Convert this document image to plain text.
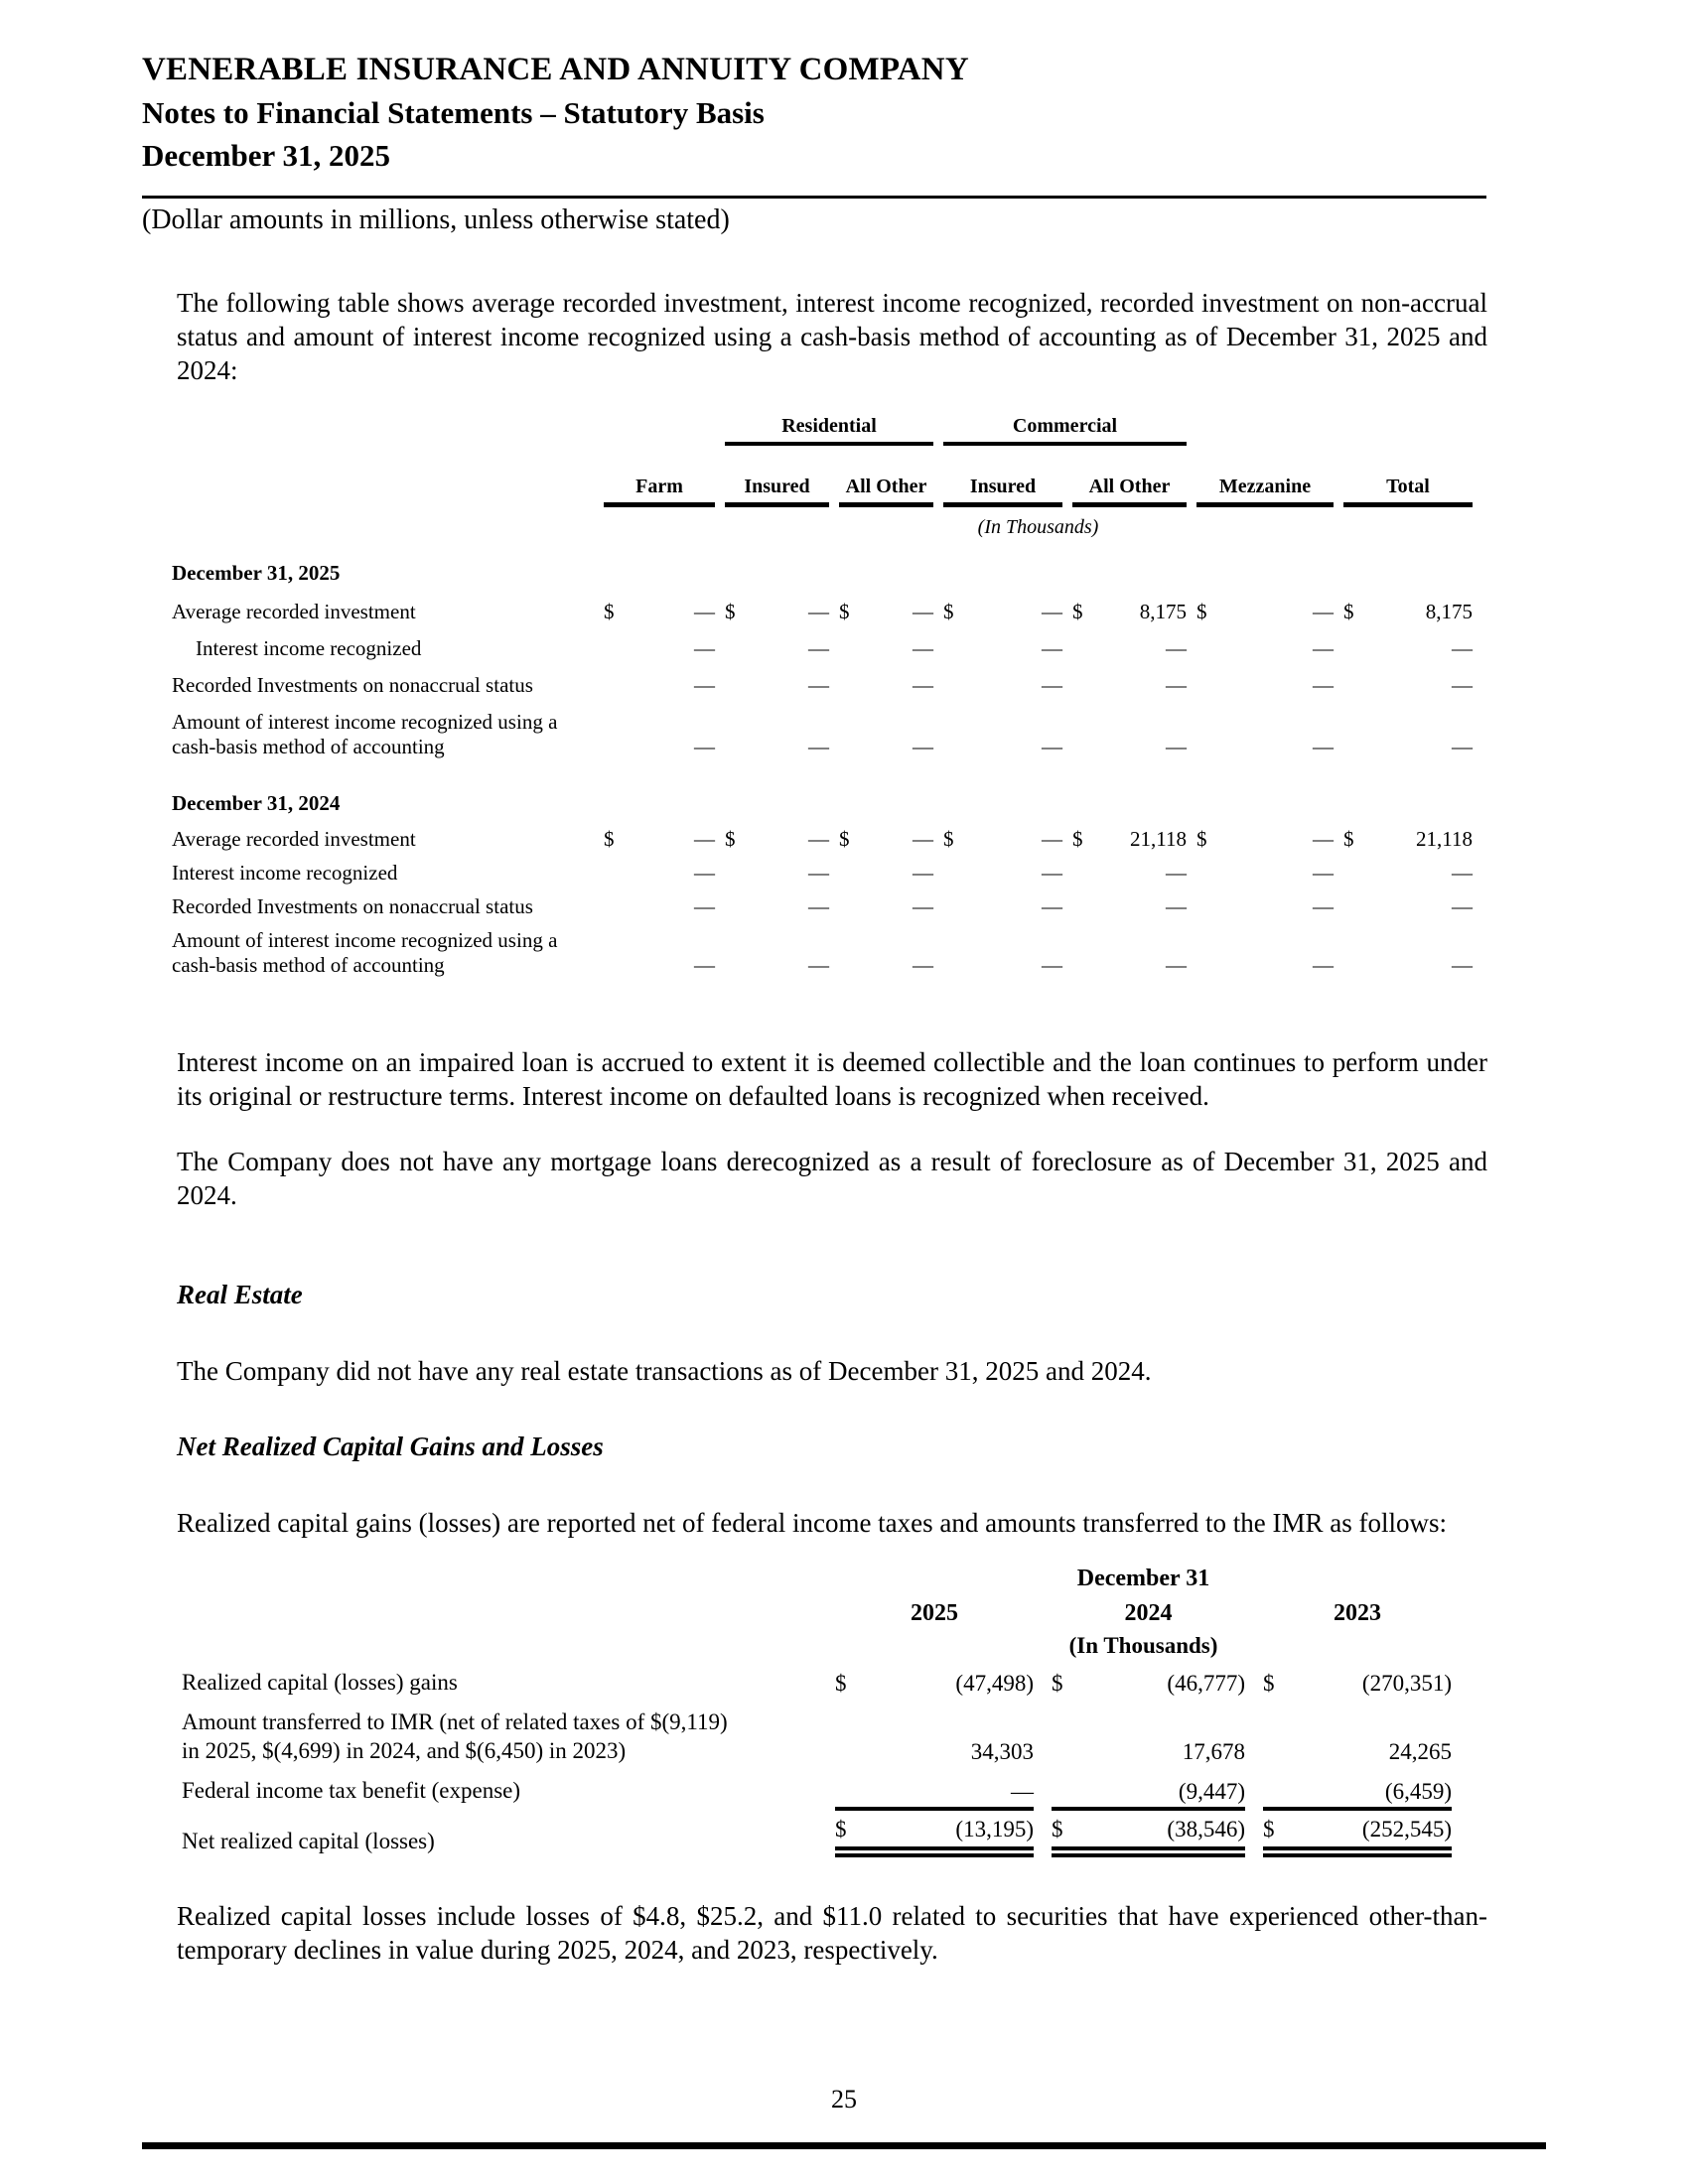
VENERABLE INSURANCE AND ANNUITY COMPANY
Notes to Financial Statements – Statutory Basis
December 31, 2025
(Dollar amounts in millions, unless otherwise stated)

The following table shows average recorded investment, interest income recognized, recorded investment on non-accrual status and amount of interest income recognized using a cash-basis method of accounting as of December 31, 2025 and 2024:

		Residential		Commercial			
	Farm	Insured	All Other	Insured	All Other	Mezzanine	Total
	(In Thousands)						
December 31, 2025							
Average recorded investment	$ —	$ —	$ —	$ —	$ 8,175	$ —	$ 8,175

Interest income recognized	—	—	—	—	—	—	—
Recorded Investments on nonaccrual status	—	—	—	—	—	—	—
Amount of interest income recognized using a cash-basis method of accounting	—	—	—	—	—	—	—
December 31, 2024							
Average recorded investment	$ —	$ —	$ —	$ —	$ 21,118	$ —	$ 21,118

Interest income recognized	—	—	—	—	—	—	—
Recorded Investments on nonaccrual status	—	—	—	—	—	—	—
Amount of interest income recognized using a cash-basis method of accounting	—	—	—	—	—	—	—

Interest income on an impaired loan is accrued to extent it is deemed collectible and the loan continues to perform under its original or restructure terms. Interest income on defaulted loans is recognized when received.

The Company does not have any mortgage loans derecognized as a result of foreclosure as of December 31, 2025 and 2024.

Real Estate

The Company did not have any real estate transactions as of December 31, 2025 and 2024.

Net Realized Capital Gains and Losses

Realized capital gains (losses) are reported net of federal income taxes and amounts transferred to the IMR as follows:

	December 31		
	2025	2024	2023
	(In Thousands)		
Realized capital (losses) gains	$ (47,498)	$ (46,777)	$ (270,351)

Amount transferred to IMR (net of related taxes of $(9,119) in 2025, $(4,699) in 2024, and $(6,450) in 2023)	34,303	17,678	24,265
Federal income tax benefit (expense)	—	(9,447)	(6,459)
Net realized capital (losses)	$ (13,195)	$ (38,546)	$ (252,545)

Realized capital losses include losses of $4.8, $25.2, and $11.0 related to securities that have experienced other-than-temporary declines in value during 2025, 2024, and 2023, respectively.

25
